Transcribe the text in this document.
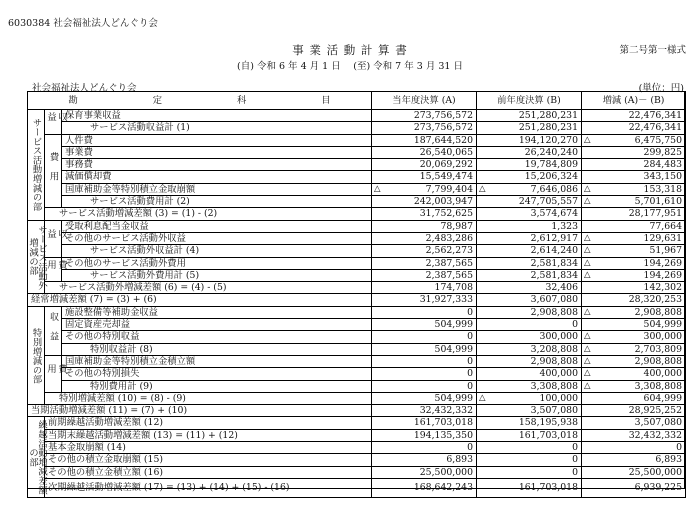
6030384 社会福祉法人どんぐり会
事 業 活 動 計 算 書	第二号第一様式
(自) 令和 6 年 4 月 1 日　 (至) 令和 7 年 3 月 31 日
社会福祉法人どんぐり会	(単位：円)
勘 定 科 目			当年度決算 (A)	前年度決算 (B)	増減 (A)－ (B)

サービス活動増減の部	収益	保育事業収益	273,756,572	251,280,231	22,476,341
		サービス活動収益計 (1)	273,756,572	251,280,231	22,476,341

	費用	人件費	187,644,520	194,120,270	△ 6,475,750
		事業費	26,540,065	26,240,240	299,825
		事務費	20,069,292	19,784,809	284,483
		減価償却費	15,549,474	15,206,324	343,150
		国庫補助金等特別積立金取崩額	△ 7,799,404	△ 7,646,086	△ 153,318
		サービス活動費用計 (2)	242,003,947	247,705,557	△ 5,701,610
	サービス活動増減差額 (3) = (1) - (2)		31,752,625	3,574,674	28,177,951

サービス活動外増減の部	収益	受取利息配当金収益	78,987	1,323	77,664
		その他のサービス活動外収益	2,483,286	2,612,917	△ 129,631
		サービス活動外収益計 (4)	2,562,273	2,614,240	△ 51,967

	費用	その他のサービス活動外費用	2,387,565	2,581,834	△ 194,269
		サービス活動外費用計 (5)	2,387,565	2,581,834	△ 194,269
	サービス活動外増減差額 (6) = (4) - (5)		174,708	32,406	142,302
経常増減差額 (7) = (3) + (6)			31,927,333	3,607,080	28,320,253

特別増減の部	収益	施設整備等補助金収益	0	2,908,808	△ 2,908,808
		固定資産売却益	504,999	0	504,999
		その他の特別収益	0	300,000	△ 300,000
		特別収益計 (8)	504,999	3,208,808	△ 2,703,809

	費用	国庫補助金等特別積立金積立額	0	2,908,808	△ 2,908,808
		その他の特別損失	0	400,000	△ 400,000
		特別費用計 (9)	0	3,308,808	△ 3,308,808
	特別増減差額 (10) = (8) - (9)		504,999	△ 100,000	604,999
当期活動増減差額 (11) = (7) + (10)			32,432,332	3,507,080	28,925,252

繰越活動増減差額の部	前期繰越活動増減差額 (12)		161,703,018	158,195,938	3,507,080
	当期末繰越活動増減差額 (13) = (11) + (12)		194,135,350	161,703,018	32,432,332
	基本金取崩額 (14)		0	0	0
	その他の積立金取崩額 (15)		6,893	0	6,893
	その他の積立金積立額 (16)		25,500,000	0	25,500,000
	次期繰越活動増減差額 (17) = (13) + (14) + (15) - (16)		168,642,243	161,703,018	6,939,225
